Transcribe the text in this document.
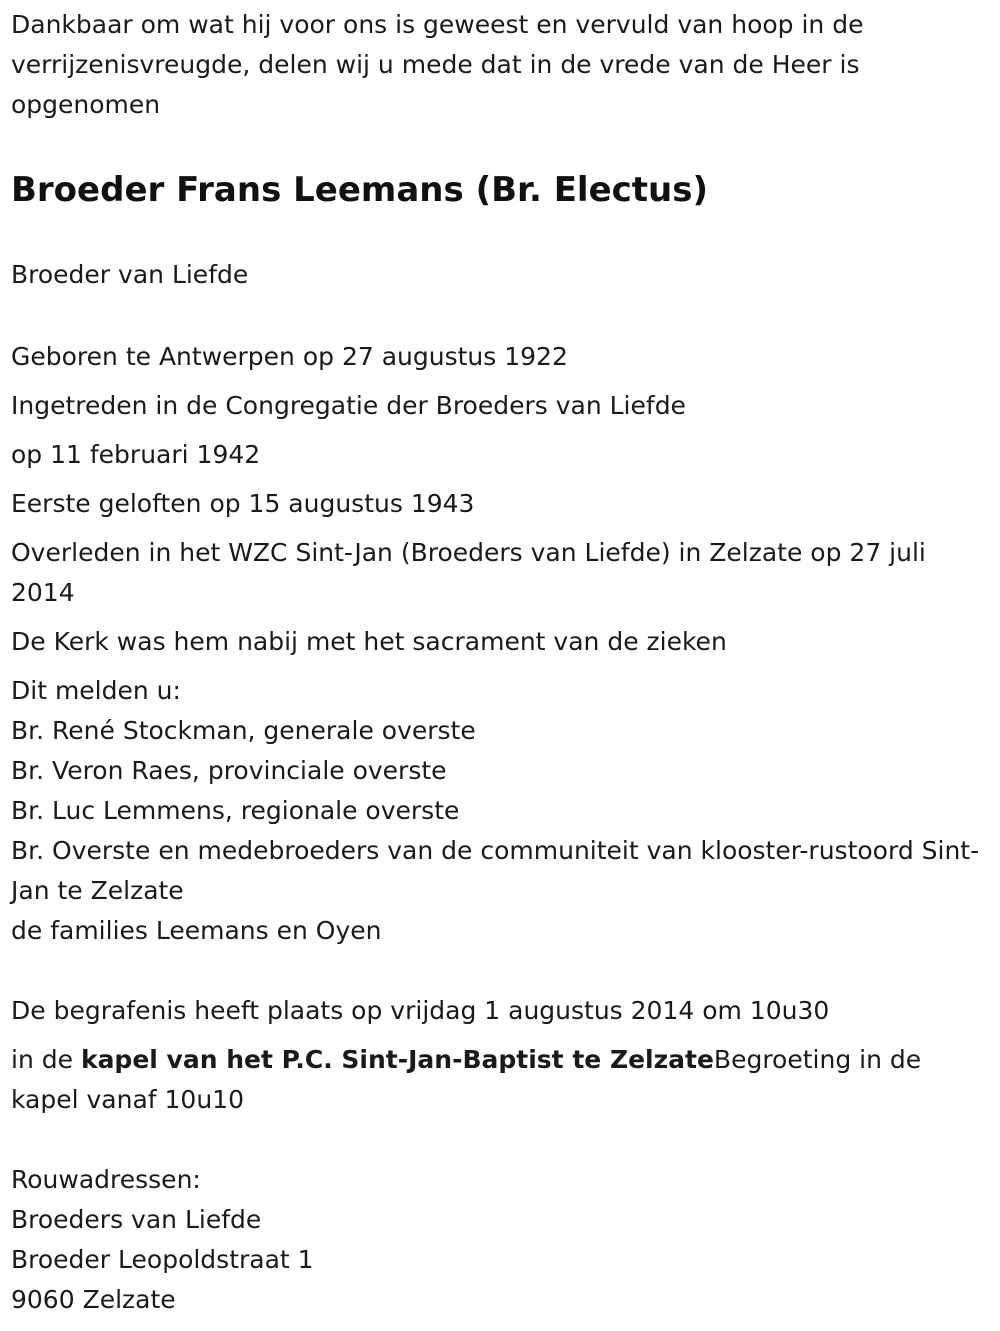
Dankbaar om wat hij voor ons is geweest en vervuld van hoop in de verrijzenisvreugde, delen wij u mede dat in de vrede van de Heer is opgenomen

Broeder Frans Leemans (Br. Electus)

Broeder van Liefde

Geboren te Antwerpen op 27 augustus 1922

Ingetreden in de Congregatie der Broeders van Liefde

op 11 februari 1942

Eerste geloften op 15 augustus 1943

Overleden in het WZC Sint-Jan (Broeders van Liefde) in Zelzate op 27 juli 2014

De Kerk was hem nabij met het sacrament van de zieken

Dit melden u:

Br. René Stockman, generale overste

Br. Veron Raes, provinciale overste

Br. Luc Lemmens, regionale overste

Br. Overste en medebroeders van de communiteit van klooster-rustoord Sint-Jan te Zelzate

de families Leemans en Oyen

De begrafenis heeft plaats op vrijdag 1 augustus 2014 om 10u30

in de kapel van het P.C. Sint-Jan-Baptist te ZelzateBegroeting in de kapel vanaf 10u10

Rouwadressen:

Broeders van Liefde

Broeder Leopoldstraat 1

9060 Zelzate
